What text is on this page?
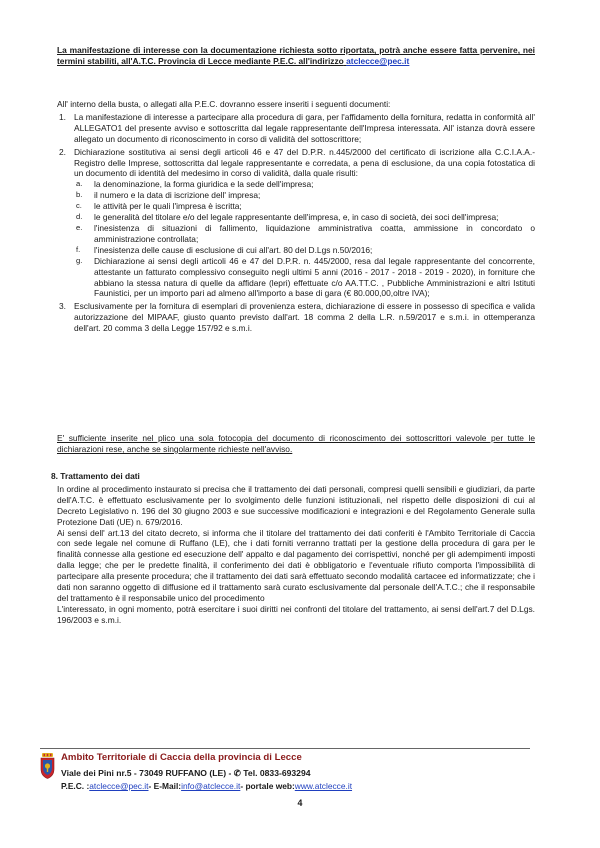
La manifestazione di interesse con la documentazione richiesta sotto riportata, potrà anche essere fatta pervenire, nei termini stabiliti, all'A.T.C. Provincia di Lecce mediante P.E.C. all'indirizzo atclecce@pec.it

All' interno della busta, o allegati alla P.E.C. dovranno essere inseriti i seguenti documenti:

1. La manifestazione di interesse a partecipare alla procedura di gara, per l'affidamento della fornitura, redatta in conformità all' ALLEGATO1 del presente avviso e sottoscritta dal legale rappresentante dell'Impresa interessata. All' istanza dovrà essere allegato un documento di riconoscimento in corso di validità del sottoscrittore;
2. Dichiarazione sostitutiva ai sensi degli articoli 46 e 47 del D.P.R. n.445/2000 del certificato di iscrizione alla C.C.I.A.A.- Registro delle Imprese, sottoscritta dal legale rappresentante e corredata, a pena di esclusione, da una copia fotostatica di un documento di identità del medesimo in corso di validità, dalla quale risulti:
a. la denominazione, la forma giuridica e la sede dell'impresa;
b. il numero e la data di iscrizione dell' impresa;
c. le attività per le quali l'impresa è iscritta;
d. le generalità del titolare e/o del legale rappresentante dell'impresa, e, in caso di società, dei soci dell'impresa;
e. l'inesistenza di situazioni di fallimento, liquidazione amministrativa coatta, ammissione in concordato o amministrazione controllata;
f. l'inesistenza delle cause di esclusione di cui all'art. 80 del D.Lgs n.50/2016;
g. Dichiarazione ai sensi degli articoli 46 e 47 del D.P.R. n. 445/2000, resa dal legale rappresentante del concorrente, attestante un fatturato complessivo conseguito negli ultimi 5 anni (2016 - 2017 - 2018 - 2019 - 2020), in forniture che abbiano la stessa natura di quelle da affidare (lepri) effettuate c/o AA.TT.C. , Pubbliche Amministrazioni e altri Istituti Faunistici, per un importo pari ad almeno all'importo a base di gara (€ 80.000,00,oltre IVA);
3. Esclusivamente per la fornitura di esemplari di provenienza estera, dichiarazione di essere in possesso di specifica e valida autorizzazione del MIPAAF, giusto quanto previsto dall'art. 18 comma 2 della L.R. n.59/2017 e s.m.i. in ottemperanza dell'art. 20 comma 3 della Legge 157/92 e s.m.i.
E' sufficiente inserite nel plico una sola fotocopia del documento di riconoscimento dei sottoscrittori valevole per tutte le dichiarazioni rese, anche se singolarmente richieste nell'avviso.

8. Trattamento dei dati

In ordine al procedimento instaurato si precisa che il trattamento dei dati personali, compresi quelli sensibili e giudiziari, da parte dell'A.T.C. è effettuato esclusivamente per lo svolgimento delle funzioni istituzionali, nel rispetto delle disposizioni di cui al Decreto Legislativo n. 196 del 30 giugno 2003 e sue successive modificazioni e integrazioni e del Regolamento Generale sulla Protezione Dati (UE) n. 679/2016.

Ai sensi dell' art.13 del citato decreto, si informa che il titolare del trattamento dei dati conferiti è l'Ambito Territoriale di Caccia con sede legale nel comune di Ruffano (LE), che i dati forniti verranno trattati per la gestione della procedura di gara per le finalità connesse alla gestione ed esecuzione dell' appalto e dal pagamento dei corrispettivi, nonché per gli adempimenti imposti dalla legge; che per le predette finalità, il conferimento dei dati è obbligatorio e l'eventuale rifiuto comporta l'impossibilità di partecipare alla presente procedura; che il trattamento dei dati sarà effettuato secondo modalità cartacee ed informatizzate; che i dati non saranno oggetto di diffusione ed il trattamento sarà curato esclusivamente dal personale dell'A.T.C.; che il responsabile del trattamento è il responsabile unico del procedimento

L'interessato, in ogni momento, potrà esercitare i suoi diritti nei confronti del titolare del trattamento, ai sensi dell'art.7 del D.Lgs. 196/2003 e s.m.i.

Ambito Territoriale di Caccia della provincia di Lecce
Viale dei Pini nr.5 - 73049 RUFFANO (LE) - ✆ Tel. 0833-693294
P.E.C. :atclecce@pec.it- E-Mail:info@atclecce.it- portale web:www.atclecce.it
4
